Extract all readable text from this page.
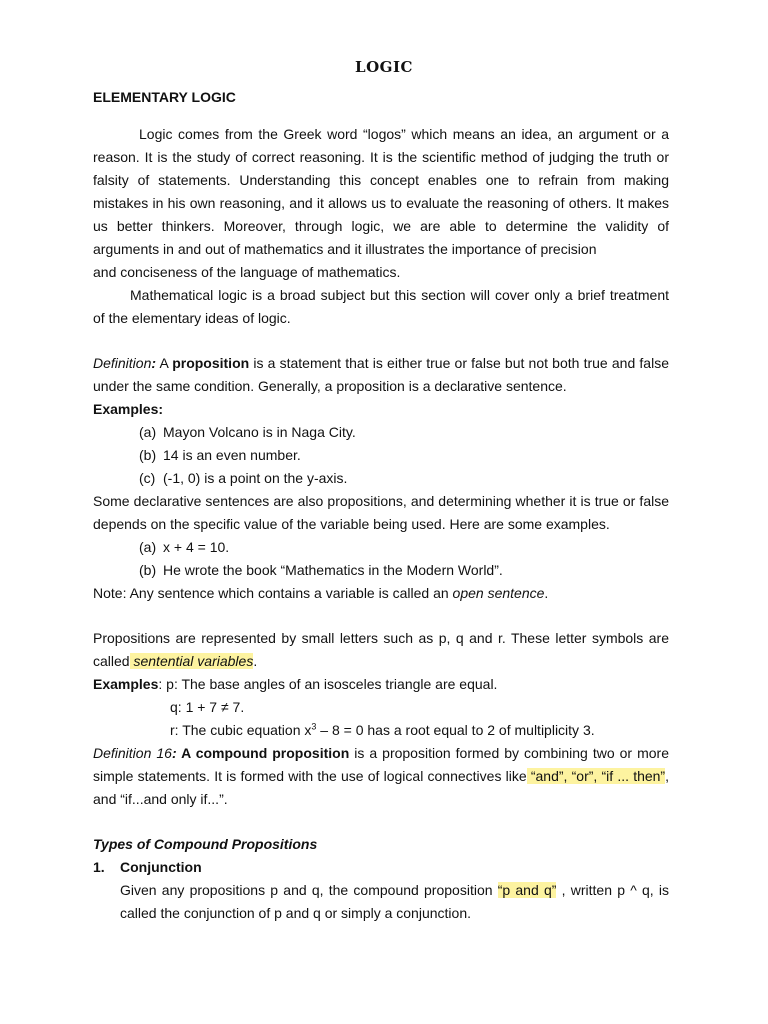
LOGIC

ELEMENTARY LOGIC

Logic comes from the Greek word “logos” which means an idea, an argument or a reason. It is the study of correct reasoning. It is the scientific method of judging the truth or falsity of statements. Understanding this concept enables one to refrain from making mistakes in his own reasoning, and it allows us to evaluate the reasoning of others. It makes us better thinkers. Moreover, through logic, we are able to determine the validity of arguments in and out of mathematics and it illustrates the importance of precision

and conciseness of the language of mathematics.

Mathematical logic is a broad subject but this section will cover only a brief treatment of the elementary ideas of logic.

Definition: A proposition is a statement that is either true or false but not both true and false under the same condition. Generally, a proposition is a declarative sentence.

Examples:

(a) Mayon Volcano is in Naga City.

(b) 14 is an even number.

(c) (-1, 0) is a point on the y-axis.

Some declarative sentences are also propositions, and determining whether it is true or false depends on the specific value of the variable being used. Here are some examples.

(a) x + 4 = 10.

(b) He wrote the book “Mathematics in the Modern World”.

Note: Any sentence which contains a variable is called an open sentence.

Propositions are represented by small letters such as p, q and r. These letter symbols are called sentential variables.

Examples: p: The base angles of an isosceles triangle are equal.

q: 1 + 7 ≠ 7.

r: The cubic equation $x^3 - 8 = 0$ has a root equal to 2 of multiplicity 3.

Definition 16: A compound proposition is a proposition formed by combining two or more simple statements. It is formed with the use of logical connectives like “and”, “or”, “if ... then”, and “if...and only if...”.

Types of Compound Propositions

1. Conjunction

Given any propositions p and q, the compound proposition “p and q” , written p ^ q, is called the conjunction of p and q or simply a conjunction.
